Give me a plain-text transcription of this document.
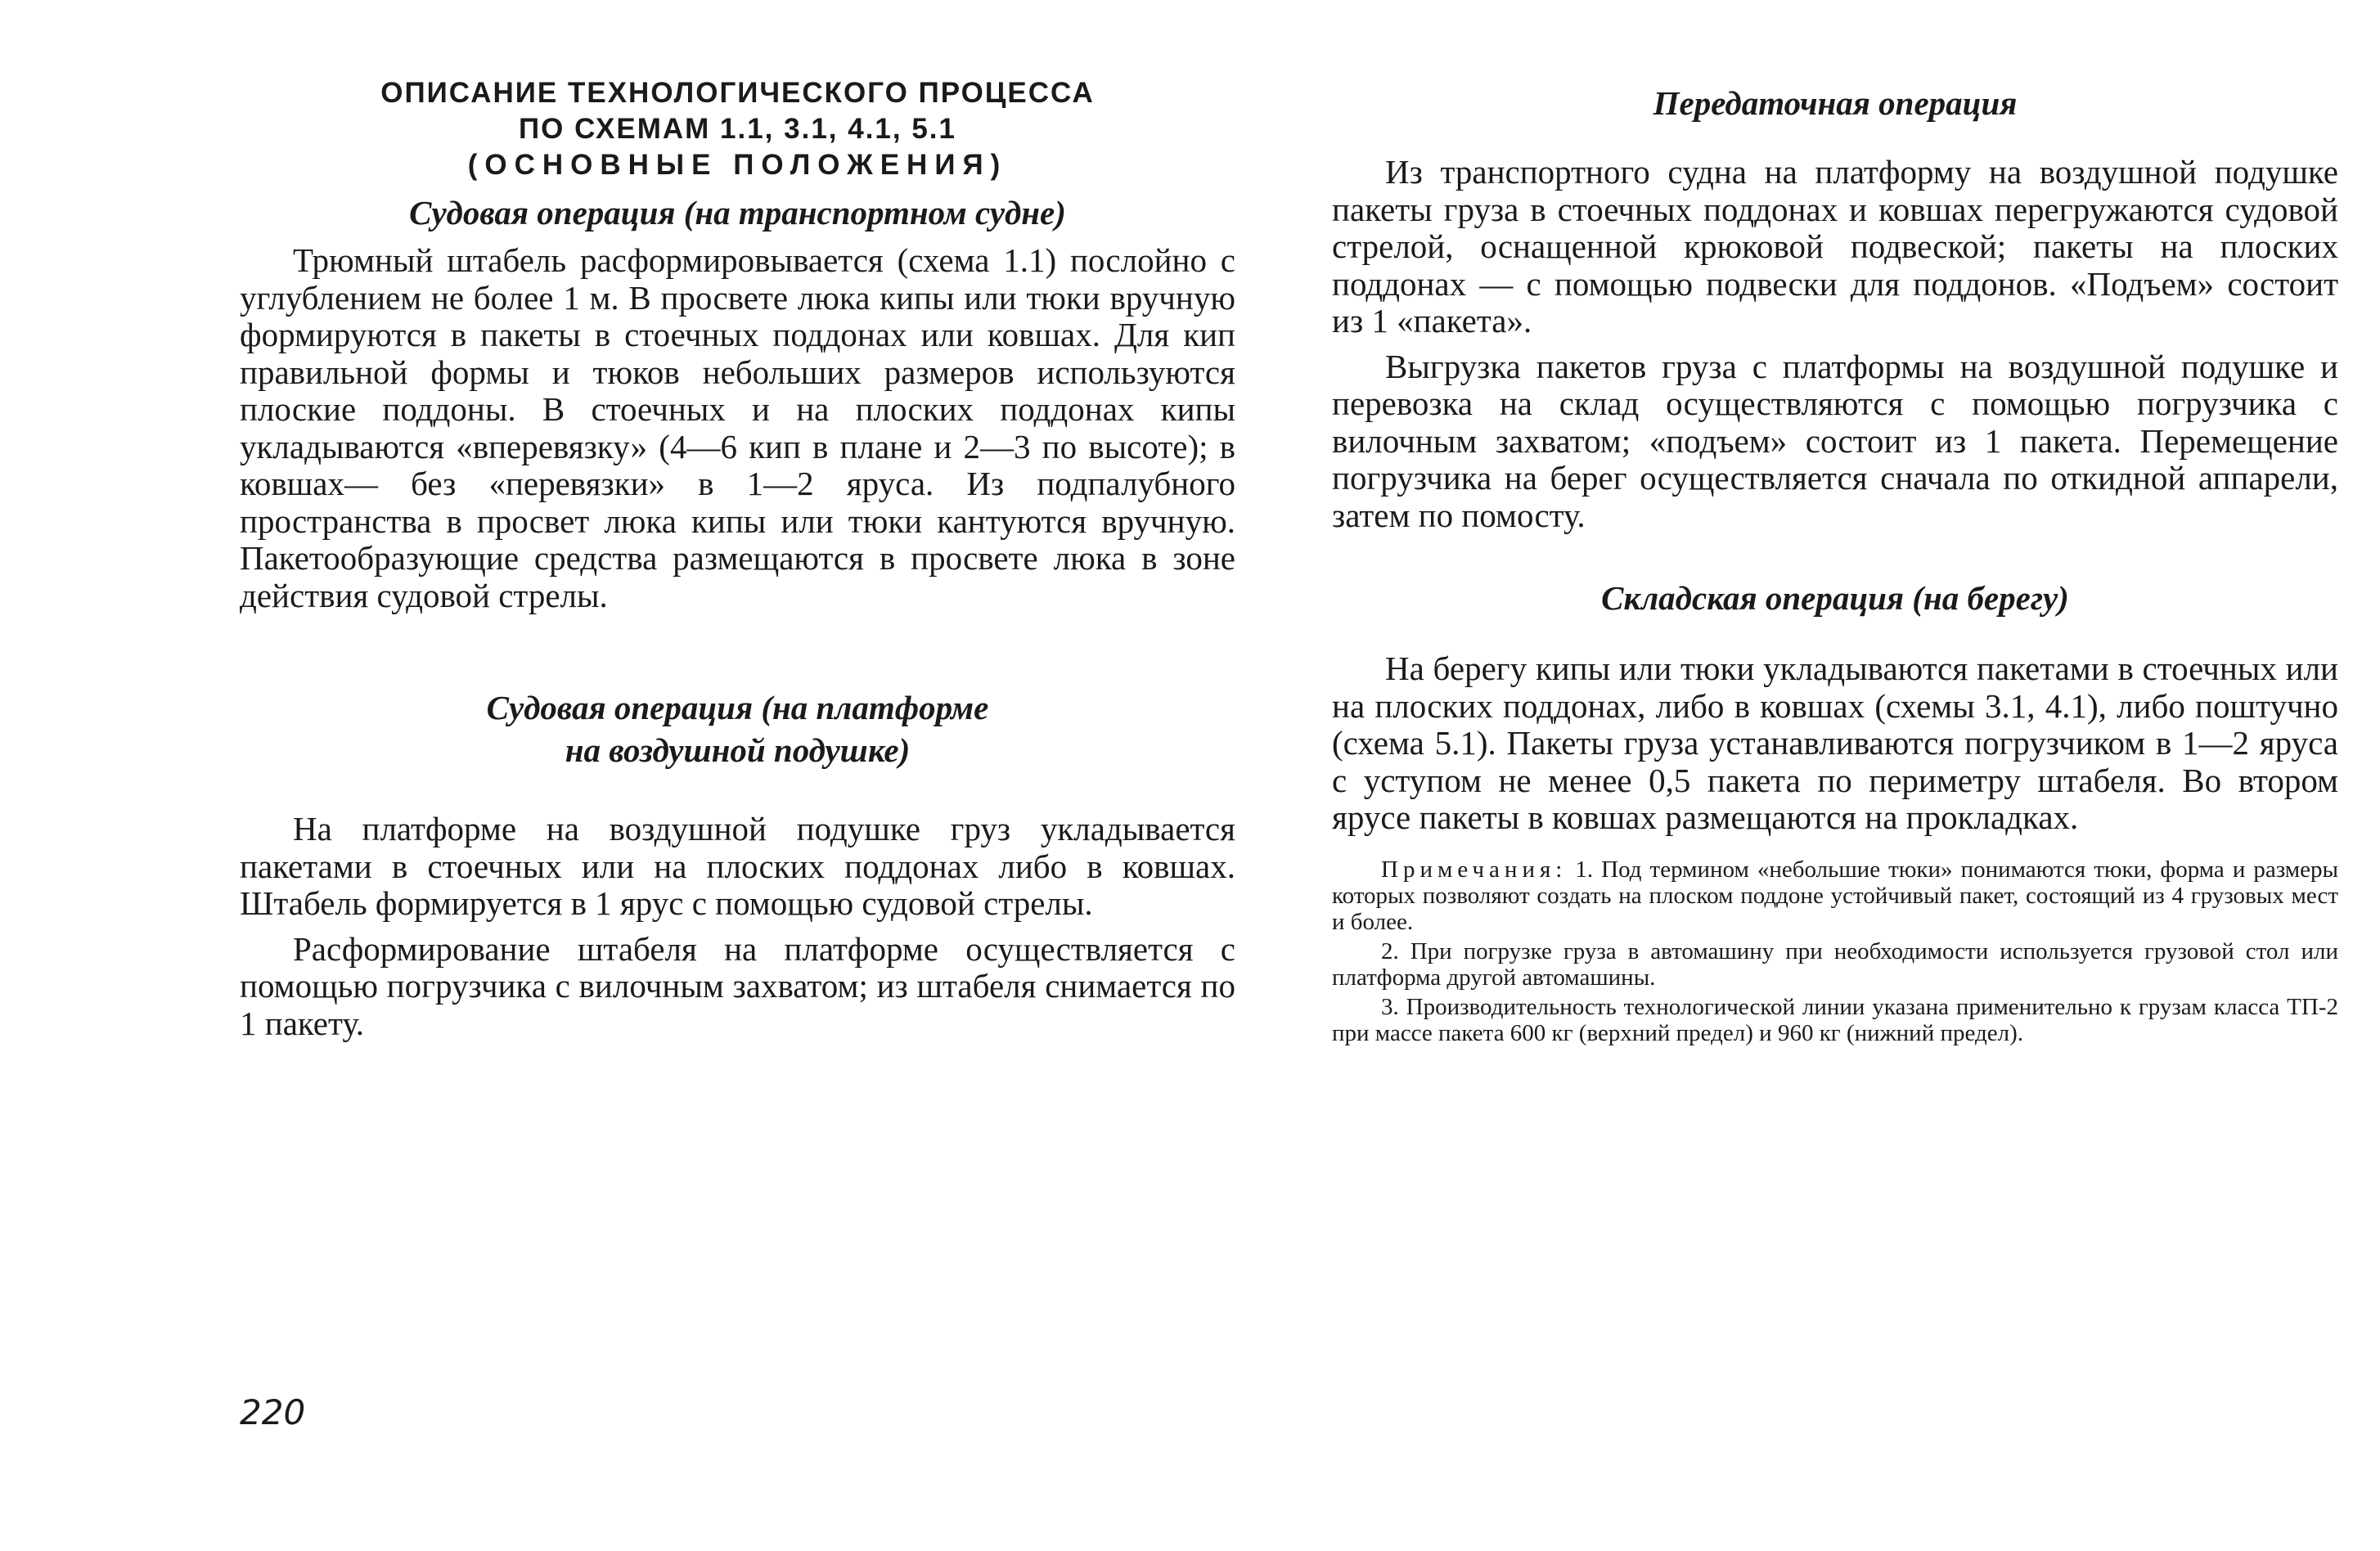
ОПИСАНИЕ ТЕХНОЛОГИЧЕСКОГО ПРОЦЕССА
ПО СХЕМАМ 1.1, 3.1, 4.1, 5.1
(ОСНОВНЫЕ ПОЛОЖЕНИЯ)
Судовая операция (на транспортном судне)

Трюмный штабель расформировывается (схема 1.1) послойно с углублением не более 1 м. В просвете люка кипы или тюки вручную формируются в пакеты в стоечных поддонах или ковшах. Для кип правильной формы и тюков небольших размеров используются плоские поддоны. В стоечных и на плоских поддонах кипы укладываются «вперевязку» (4—6 кип в плане и 2—3 по высоте); в ковшах— без «перевязки» в 1—2 яруса. Из подпалубного пространства в просвет люка кипы или тюки кантуются вручную. Пакетообразующие средства размещаются в просвете люка в зоне действия судовой стрелы.

Судовая операция (на платформе
на воздушной подушке)

На платформе на воздушной подушке груз укладывается пакетами в стоечных или на плоских поддонах либо в ковшах. Штабель формируется в 1 ярус с помощью судовой стрелы.

Расформирование штабеля на платформе осуществляется с помощью погрузчика с вилочным захватом; из штабеля снимается по 1 пакету.

Передаточная операция

Из транспортного судна на платформу на воздушной подушке пакеты груза в стоечных поддонах и ковшах перегружаются судовой стрелой, оснащенной крюковой подвеской; пакеты на плоских поддонах — с помощью подвески для поддонов. «Подъем» состоит из 1 «пакета».

Выгрузка пакетов груза с платформы на воздушной подушке и перевозка на склад осуществляются с помощью погрузчика с вилочным захватом; «подъем» состоит из 1 пакета. Перемещение погрузчика на берег осуществляется сначала по откидной аппарели, затем по помосту.

Складская операция (на берегу)

На берегу кипы или тюки укладываются пакетами в стоечных или на плоских поддонах, либо в ковшах (схемы 3.1, 4.1), либо поштучно (схема 5.1). Пакеты груза устанавливаются погрузчиком в 1—2 яруса с уступом не менее 0,5 пакета по периметру штабеля. Во втором ярусе пакеты в ковшах размещаются на прокладках.

Примечания: 1. Под термином «небольшие тюки» понимаются тюки, форма и размеры которых позволяют создать на плоском поддоне устойчивый пакет, состоящий из 4 грузовых мест и более.

2. При погрузке груза в автомашину при необходимости используется грузовой стол или платформа другой автомашины.

3. Производительность технологической линии указана применительно к грузам класса ТП-2 при массе пакета 600 кг (верхний предел) и 960 кг (нижний предел).

220
